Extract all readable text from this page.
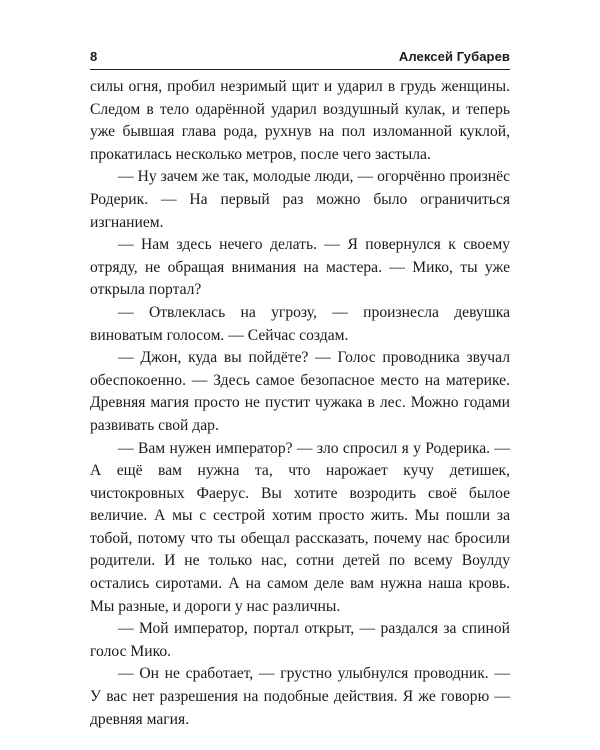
8	Алексей Губарев

силы огня, пробил незримый щит и ударил в грудь женщины. Следом в тело одарённой ударил воздушный кулак, и теперь уже бывшая глава рода, рухнув на пол изломанной куклой, прокатилась несколько метров, после чего застыла.

— Ну зачем же так, молодые люди, — огорчённо произнёс Родерик. — На первый раз можно было ограничиться изгнанием.

— Нам здесь нечего делать. — Я повернулся к своему отряду, не обращая внимания на мастера. — Мико, ты уже открыла портал?

— Отвлеклась на угрозу, — произнесла девушка виноватым голосом. — Сейчас создам.

— Джон, куда вы пойдёте? — Голос проводника звучал обеспокоенно. — Здесь самое безопасное место на материке. Древняя магия просто не пустит чужака в лес. Можно годами развивать свой дар.

— Вам нужен император? — зло спросил я у Родерика. — А ещё вам нужна та, что нарожает кучу детишек, чистокровных Фаерус. Вы хотите возродить своё былое величие. А мы с сестрой хотим просто жить. Мы пошли за тобой, потому что ты обещал рассказать, почему нас бросили родители. И не только нас, сотни детей по всему Воулду остались сиротами. А на самом деле вам нужна наша кровь. Мы разные, и дороги у нас различны.

— Мой император, портал открыт, — раздался за спиной голос Мико.

— Он не сработает, — грустно улыбнулся проводник. — У вас нет разрешения на подобные действия. Я же говорю — древняя магия.
